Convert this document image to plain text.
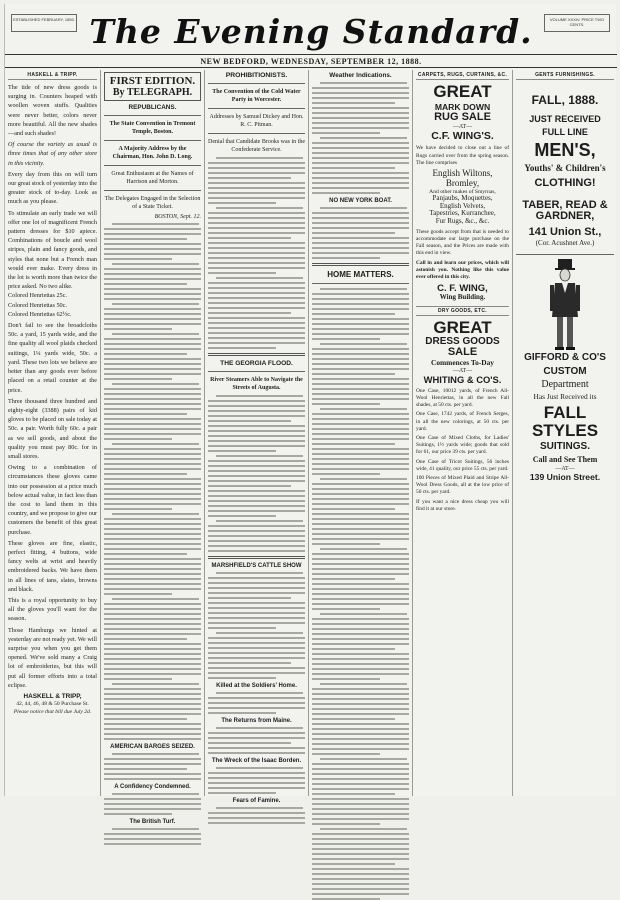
ESTABLISHED FEBRUARY, 1850. The Evening Standard.	VOLUME XXXIV. PRICE TWO CENTS.
NEW BEDFORD, WEDNESDAY, SEPTEMBER 12, 1888.
HASKELL & TRIPP.
The tide of new dress goods is surging in. Counters heaped with woollen woven stuffs. Qualities were never better, colors never more beautiful. All the new shades —and such shades!
Of course the variety as usual is three times that of any other store in this vicinity.
Every day from this on will turn our great stock of yesterday into the greater stock of to-day. Look as much as you please.
To stimulate an early trade we will offer one lot of magnificent French pattern dresses for $10 apiece. Combinations of boucle and wool stripes, plain and fancy goods, and styles that none but a French man would ever make. Every dress in the lot is worth more than twice the price asked. No two alike.
Colored Henriettas 25c.
Colored Henriettas 50c.
Colored Henriettas 62½c.
Don't fail to see the broadcloths 50c. a yard, 15 yards wide, and the fine quality all wool plaids checked suitings, 1¼ yards wide, 50c. a yard. These two lots we believe are better than any goods ever before placed on a retail counter at the price.
Three thousand three hundred and eighty-eight (3388) pairs of kid gloves to be placed on sale today at 50c. a pair. Worth fully 60c. a pair as we sell goods, and about the quality you must pay 80c. for in small stores.
Owing to a combination of circumstances these gloves came into our possession at a price much below actual value, in fact less than the cost to land them in this country, and we propose to give our customers the benefit of this great purchase.
These gloves are fine, elastic, perfect fitting, 4 buttons, wide fancy welts at wrist and heavily embroidered backs. We have them in all lines of tans, slates, browns and black.
This is a royal opportunity to buy all the gloves you'll want for the season.
Those Hamburgs we hinted at yesterday are not ready yet. We will surprise you when you get them opened. We've sold many a Craig lot of embroideries, but this will put all former efforts into a total eclipse.
HASKELL & TRIPP,
42, 44, 46, 48 & 50 Purchase St.
Please notice that bill due July 2d.
FIRST EDITION.
By TELEGRAPH.
REPUBLICANS.
The State Convention in Tremont Temple, Boston.
A Majority Address by the Chairman, Hon. John D. Long.
Great Enthusiasm at the Names of Harrison and Morton.
The Delegates Engaged in the Selection of a State Ticket.
BOSTON, Sept. 12.
AMERICAN BARGES SEIZED.
A Confidency Condemned.
The British Turf.
PROHIBITIONISTS.
The Convention of the Cold Water Party in Worcester.
Addresses by Samuel Dickey and Hon. R. C. Pitman.
Denial that Candidate Brooks was in the Confederate Service.
THE GEORGIA FLOOD.
River Steamers Able to Navigate the Streets of Augusta.
MARSHFIELD'S CATTLE SHOW
Killed at the Soldiers' Home.
The Returns from Maine.
The Wreck of the Isaac Borden.
Fears of Famine.
Weather Indications.
NO NEW YORK BOAT.
HOME MATTERS.
CARPETS, RUGS, CURTAINS, &C.
GREAT
MARK DOWN
RUG SALE
—AT—
C.F. WING'S.
We have decided to close out a line of Rugs carried over from the spring season. The line comprises
English Wiltons,
Bromley,
And other makes of Smyrnas,
Panjaubs, Moquettes,
English Velvets,
Tapestries, Kurranchee,
Fur Rugs, &c., &c.
These goods accept from that is needed to accommodate our large purchase on the Fall season, and the Prices are made with this end in view.
Call in and learn our prices, which will astonish you. Nothing like this value ever offered in this city.
C. F. WING,
Wing Building.
DRY GOODS, ETC.
GREAT
DRESS GOODS
SALE
Commences To-Day
—AT—
WHITING & CO'S.
One Case, 10012 yards, of French All-Wool Henriettas, in all the new Fall shades, at 50 cts. per yard.
One Case, 1742 yards, of French Serges, in all the new colorings, at 50 cts. per yard.
One Case of Mixed Cloths, for Ladies' Suitings, 1½ yards wide; goods that sold for 61, our price 39 cts. per yard.
One Case of Tricot Suitings, 56 inches wide, 41 quality, our price 55 cts. per yard.
100 Pieces of Mixed Plaid and Stripe All-Wool Dress Goods, all at the low price of 50 cts. per yard.
If you want a nice dress cheap you will find it at our store.
GENTS FURNISHINGS.
FALL, 1888.
JUST RECEIVED
FULL LINE
MEN'S,
Youths' & Children's
CLOTHING!
TABER, READ &
GARDNER,
141 Union St.,
(Cor. Acushnet Ave.)
GIFFORD & CO'S
CUSTOM
Department
Has Just Received its
FALL
STYLES
SUITINGS.
Call and See Them
—AT—
139 Union Street.
